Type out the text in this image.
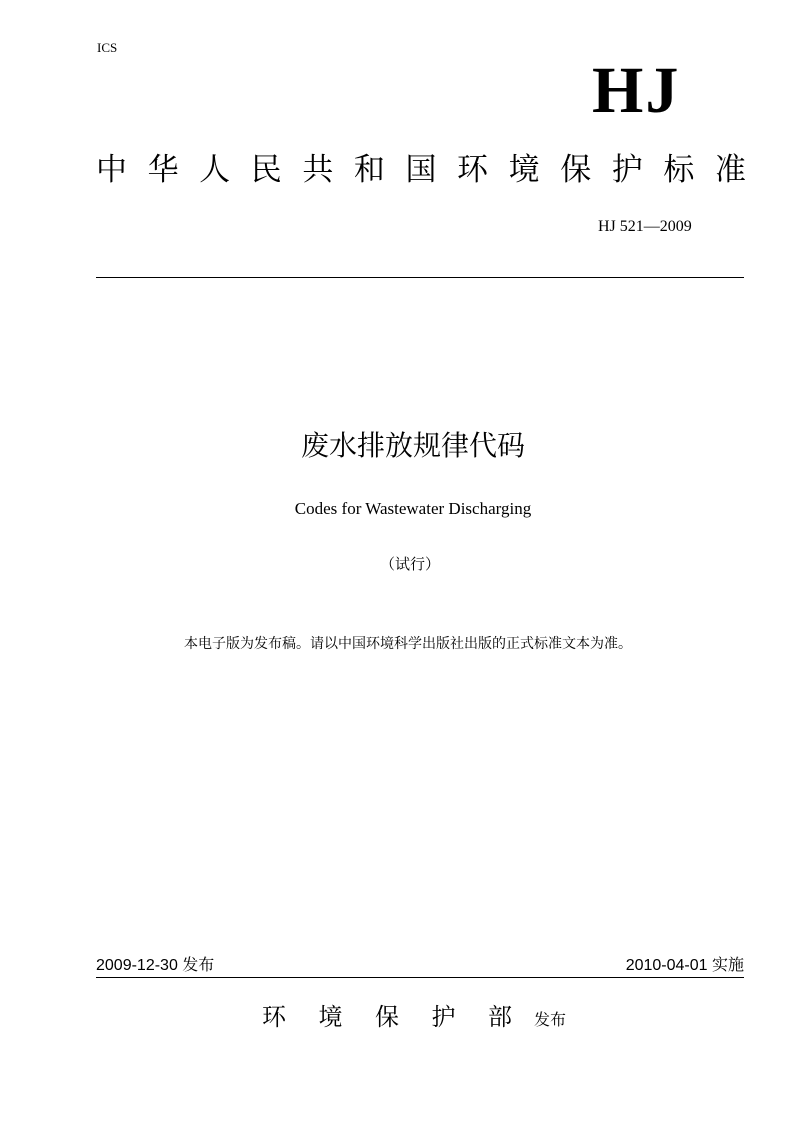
ICS
HJ
中 华 人 民 共 和 国 环 境 保 护 标 准
HJ 521—2009
废水排放规律代码
Codes for Wastewater Discharging
（试行）
本电子版为发布稿。请以中国环境科学出版社出版的正式标准文本为准。
2009-12-30 发布	2010-04-01 实施
环 境 保 护 部 发布
